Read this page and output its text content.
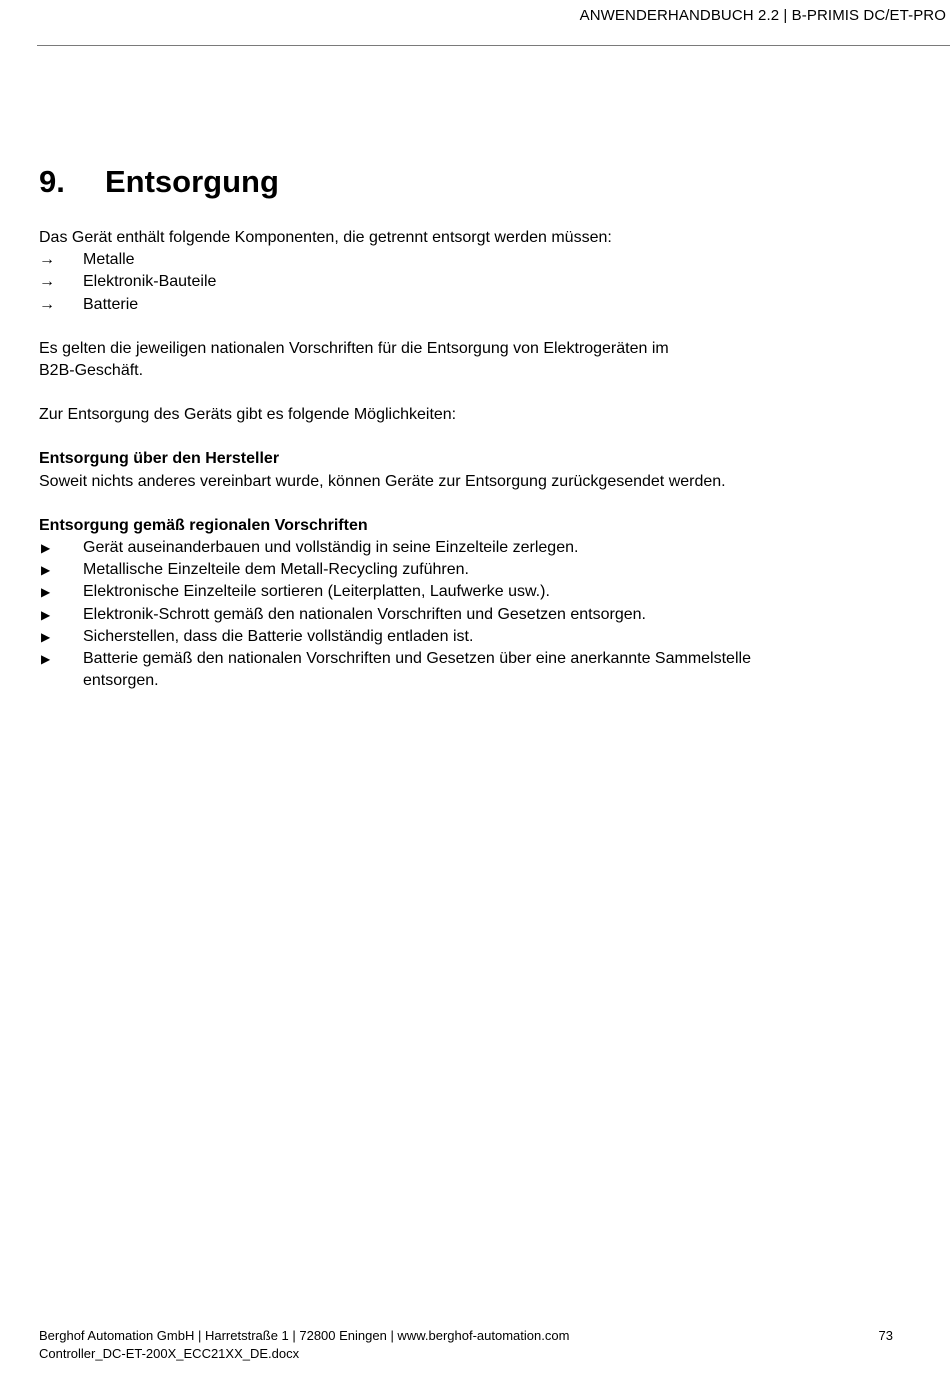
ANWENDERHANDBUCH 2.2 | B-PRIMIS DC/ET-PRO
9. Entsorgung

Das Gerät enthält folgende Komponenten, die getrennt entsorgt werden müssen:

→	Metalle
→	Elektronik-Bauteile
→	Batterie

Es gelten die jeweiligen nationalen Vorschriften für die Entsorgung von Elektrogeräten im B2B-Geschäft.

Zur Entsorgung des Geräts gibt es folgende Möglichkeiten:

Entsorgung über den Hersteller

Soweit nichts anderes vereinbart wurde, können Geräte zur Entsorgung zurückgesendet werden.

Entsorgung gemäß regionalen Vorschriften

▶	Gerät auseinanderbauen und vollständig in seine Einzelteile zerlegen.
▶	Metallische Einzelteile dem Metall-Recycling zuführen.
▶	Elektronische Einzelteile sortieren (Leiterplatten, Laufwerke usw.).
▶	Elektronik-Schrott gemäß den nationalen Vorschriften und Gesetzen entsorgen.
▶	Sicherstellen, dass die Batterie vollständig entladen ist.
▶	Batterie gemäß den nationalen Vorschriften und Gesetzen über eine anerkannte Sammelstelle entsorgen.
Berghof Automation GmbH | Harretstraße 1 | 72800 Eningen | www.berghof-automation.com
Controller_DC-ET-200X_ECC21XX_DE.docx
73
